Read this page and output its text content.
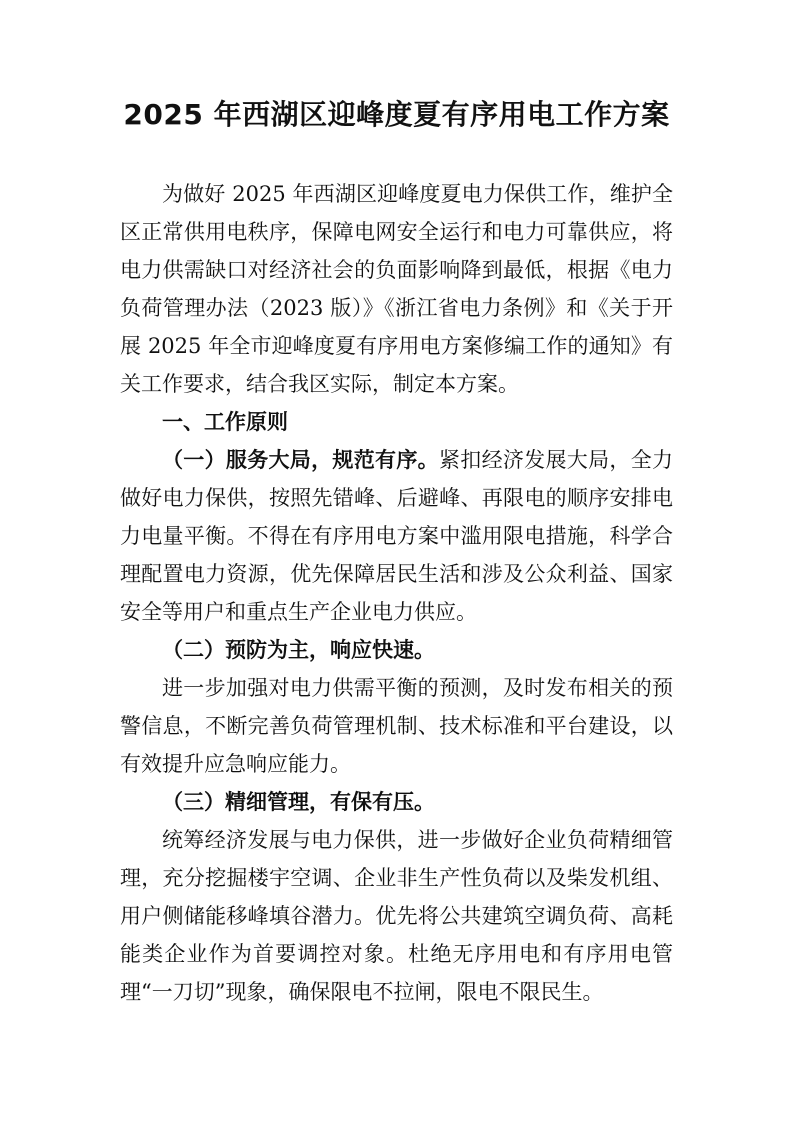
2025 年西湖区迎峰度夏有序用电工作方案

为做好 2025 年西湖区迎峰度夏电力保供工作，维护全区正常供用电秩序，保障电网安全运行和电力可靠供应，将电力供需缺口对经济社会的负面影响降到最低，根据《电力负荷管理办法（2023 版）》《浙江省电力条例》和《关于开展 2025 年全市迎峰度夏有序用电方案修编工作的通知》有关工作要求，结合我区实际，制定本方案。

一、工作原则

（一）服务大局，规范有序。紧扣经济发展大局，全力做好电力保供，按照先错峰、后避峰、再限电的顺序安排电力电量平衡。不得在有序用电方案中滥用限电措施，科学合理配置电力资源，优先保障居民生活和涉及公众利益、国家安全等用户和重点生产企业电力供应。

（二）预防为主，响应快速。

进一步加强对电力供需平衡的预测，及时发布相关的预警信息，不断完善负荷管理机制、技术标准和平台建设，以有效提升应急响应能力。

（三）精细管理，有保有压。

统筹经济发展与电力保供，进一步做好企业负荷精细管理，充分挖掘楼宇空调、企业非生产性负荷以及柴发机组、用户侧储能移峰填谷潜力。优先将公共建筑空调负荷、高耗能类企业作为首要调控对象。杜绝无序用电和有序用电管理“一刀切”现象，确保限电不拉闸，限电不限民生。
